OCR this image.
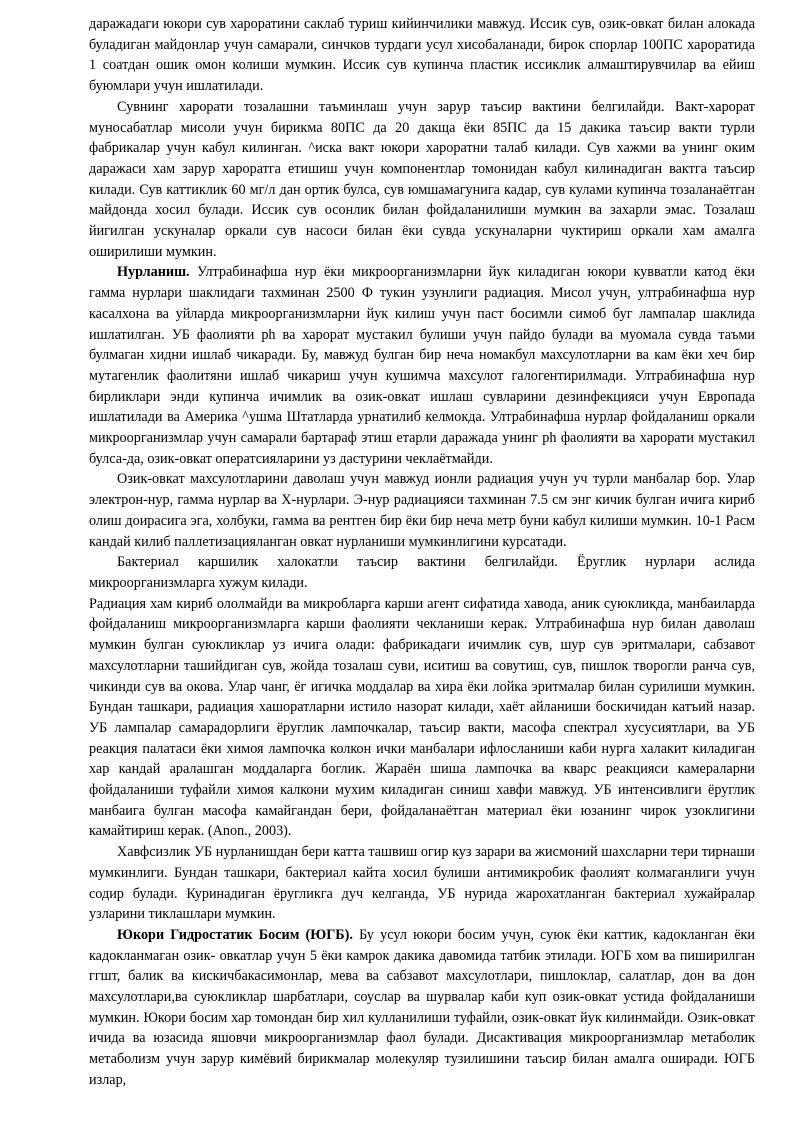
даражадаги юкори сув хароратини саклаб туриш кийинчилики мавжуд. Иссик сув, озик-овкат билан алокада буладиган майдонлар учун самарали, синчков турдаги усул хисобаланади, бирок спорлар 100ПС хароратида 1 соатдан ошик омон колиши мумкин. Иссик сув купинча пластик иссиклик алмаштирувчилар ва ейиш буюмлари учун ишлатилади.

Сувнинг харорати тозалашни таъминлаш учун зарур таъсир вактини белгилайди. Вакт-харорат муносабатлар мисоли учун бирикма 80ПС да 20 дакща ёки 85ПС да 15 дакика таъсир вакти турли фабрикалар учун кабул килинган. ^иска вакт юкори хароратни талаб килади. Сув хажми ва унинг оким даражаси хам зарур хароратга етишиш учун компонентлар томонидан кабул килинадиган вактга таъсир килади. Сув каттиклик 60 мг/л дан ортик булса, сув юмшамагунига кадар, сув кулами купинча тозаланаётган майдонда хосил булади. Иссик сув осонлик билан фойдаланилиши мумкин ва захарли эмас. Тозалаш йигилган ускуналар оркали сув насоси билан ёки сувда ускуналарни чуктириш оркали хам амалга оширилиши мумкин.

Нурланиш. Ултрабинафша нур ёки микроорганизмларни йук киладиган юкори кувватли катод ёки гамма нурлари шаклидаги тахминан 2500 Ф тукин узунлиги радиация. Мисол учун, ултрабинафша нур касалхона ва уйларда микроорганизмларни йук килиш учун паст босимли симоб буг лампалар шаклида ишлатилган. УБ фаолияти ph ва харорат мустакил булиши учун пайдо булади ва муомала сувда таъми булмаган хидни ишлаб чикаради. Бу, мавжуд булган бир неча номакбул махсулотларни ва кам ёки хеч бир мутагенлик фаолитяни ишлаб чикариш учун кушимча махсулот галогентирилмади. Ултрабинафша нур бирликлари энди купинча ичимлик ва озик-овкат ишлаш сувларини дезинфекцияси учун Европада ишлатилади ва Америка ^ушма Штатларда урнатилиб келмокда. Ултрабинафша нурлар фойдаланиш оркали микроорганизмлар учун самарали бартараф этиш етарли даражада унинг ph фаолияти ва харорати мустакил булса-да, озик-овкат оператсияларини уз дастурини чеклаётмайди.

Озик-овкат махсулотларини даволаш учун мавжуд ионли радиация учун уч турли манбалар бор. Улар электрон-нур, гамма нурлар ва Х-нурлари. Э-нур радиацияси тахминан 7.5 см энг кичик булган ичига кириб олиш доирасига эга, холбуки, гамма ва рентген бир ёки бир неча метр буни кабул килиши мумкин. 10-1 Расм кандай килиб паллетизацияланган овкат нурланиши мумкинлигини курсатади.

Бактериал каршилик халокатли таъсир вактини белгилайди. Ёруглик нурлари аслида микроорганизмларга хужум килади.

Радиация хам кириб ололмайди ва микробларга карши агент сифатида хавода, аник суюкликда, манбаиларда фойдаланиш микроорганизмларга карши фаолияти чекланиши керак. Ултрабинафша нур билан даволаш мумкин булган суюкликлар уз ичига олади: фабрикадаги ичимлик сув, шур сув эритмалари, сабзавот махсулотларни ташийдиган сув, жойда тозалаш суви, иситиш ва совутиш, сув, пишлок творогли ранча сув, чикинди сув ва окова. Улар чанг, ёг игичка моддалар ва хира ёки лойка эритмалар билан сурилиши мумкин. Бундан ташкари, радиация хашоратларни истило назорат килади, хаёт айланиши боскичидан катъий назар. УБ лампалар самарадорлиги ёруглик лампочкалар, таъсир вакти, масофа спектрал хусусиятлари, ва УБ реакция палатаси ёки химоя лампочка колкон ички манбалари ифлосланиши каби нурга халакит киладиган хар кандай аралашган моддаларга боглик. Жараён шиша лампочка ва кварс реакцияси камераларни фойдаланиши туфайли химоя калкони мухим киладиган синиш хавфи мавжуд. УБ интенсивлиги ёруглик манбаига булган масофа камайгандан бери, фойдаланаётган материал ёки юзанинг чирок узоклигини камайтириш керак. (Anon., 2003).

Хавфсизлик УБ нурланишдан бери катта ташвиш огир куз зарари ва жисмоний шахсларни тери тирнаши мумкинлиги. Бундан ташкари, бактериал кайта хосил булиши антимикробик фаолият колмаганлиги учун содир булади. Куринадиган ёругликга дуч келганда, УБ нурида жарохатланган бактериал хужайралар узларини тиклашлари мумкин.

Юкори Гидростатик Босим (ЮГБ). Бу усул юкори босим учун, суюк ёки каттик, кадокланган ёки кадокланмаган озик- овкатлар учун 5 ёки камрок дакика давомида татбик этилади. ЮГБ хом ва пиширилган ггшт, балик ва кискичбакасимонлар, мева ва сабзавот махсулотлари, пишлоклар, салатлар, дон ва дон махсулотлари,ва суюкликлар шарбатлари, соуслар ва шурвалар каби куп озик-овкат устида фойдаланиши мумкин. Юкори босим хар томондан бир хил кулланилиши туфайли, озик-овкат йук килинмайди. Озик-овкат ичида ва юзасида яшовчи микроорганизмлар фаол булади. Дисактивация микроорганизмлар метаболик метаболизм учун зарур кимёвий бирикмалар молекуляр тузилишини таъсир билан амалга оширади. ЮГБ излар,
